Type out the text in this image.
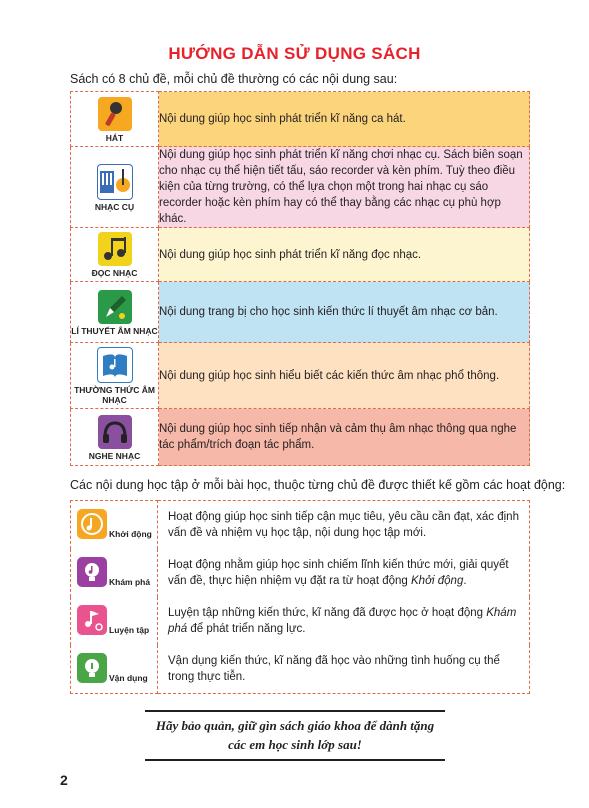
HƯỚNG DẪN SỬ DỤNG SÁCH
Sách có 8 chủ đề, mỗi chủ đề thường có các nội dung sau:
HÁT	Nội dung giúp học sinh phát triển kĩ năng ca hát.

NHẠC CỤ	Nội dung giúp học sinh phát triển kĩ năng chơi nhạc cụ. Sách biên soạn cho nhạc cụ thể hiện tiết tấu, sáo recorder và kèn phím. Tuỳ theo điều kiện của từng trường, có thể lựa chọn một trong hai nhạc cụ sáo recorder hoặc kèn phím hay có thể thay bằng các nhạc cụ phù hợp khác.

ĐỌC NHẠC	Nội dung giúp học sinh phát triển kĩ năng đọc nhạc.

LÍ THUYẾT ÂM NHẠC	Nội dung trang bị cho học sinh kiến thức lí thuyết âm nhạc cơ bản.

THƯỜNG THỨC ÂM NHẠC	Nội dung giúp học sinh hiểu biết các kiến thức âm nhạc phổ thông.

NGHE NHẠC	Nội dung giúp học sinh tiếp nhận và cảm thụ âm nhạc thông qua nghe tác phẩm/trích đoạn tác phẩm.
Các nội dung học tập ở mỗi bài học, thuộc từng chủ đề được thiết kế gồm các hoạt động:
Khởi động	Hoạt động giúp học sinh tiếp cận mục tiêu, yêu cầu cần đạt, xác định vấn đề và nhiệm vụ học tập, nội dung học tập mới.

Khám phá	Hoạt động nhằm giúp học sinh chiếm lĩnh kiến thức mới, giải quyết vấn đề, thực hiện nhiệm vụ đặt ra từ hoạt động Khởi động.

Luyện tập	Luyện tập những kiến thức, kĩ năng đã được học ở hoạt động Khám phá để phát triển năng lực.

Vận dụng	Vận dụng kiến thức, kĩ năng đã học vào những tình huống cụ thể trong thực tiễn.
Hãy bảo quản, giữ gìn sách giáo khoa để dành tặng
các em học sinh lớp sau!
2
